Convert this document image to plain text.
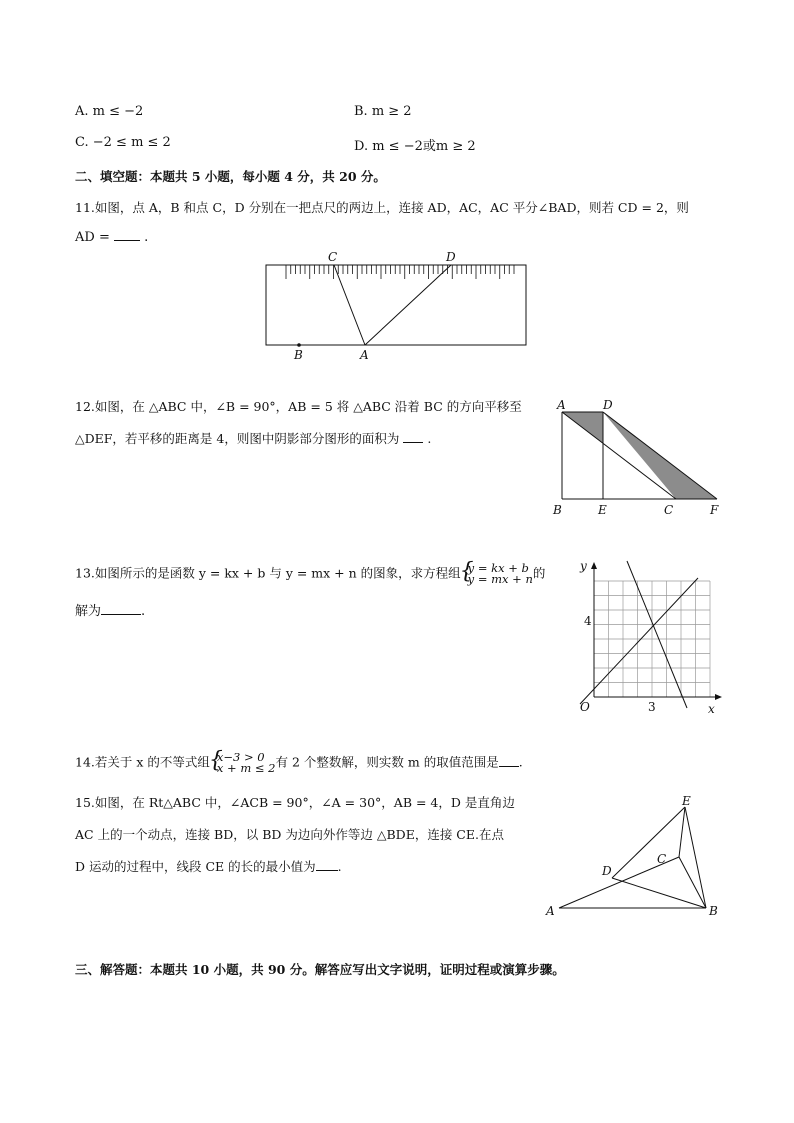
A. m ≤ −2	B. m ≥ 2
C. −2 ≤ m ≤ 2	D. m ≤ −2或m ≥ 2
二、填空题：本题共 5 小题，每小题 4 分，共 20 分。
11.如图，点 A，B 和点 C，D 分别在一把点尺的两边上，连接 AD，AC，AC 平分∠BAD，则若 CD = 2，则
AD =	.
C	D
B	A
12.如图，在 △ABC 中，∠B = 90°，AB = 5 将 △ABC 沿着 BC 的方向平移至
△DEF，若平移的距离是 4，则图中阴影部分图形的面积为 .
A	D
B	E	C	F
13.如图所示的是函数 y = kx + b 与 y = mx + n 的图象，求方程组 { y = kx + b
y = mx + n 的
解为	.
y
x
O	3
4
14.若关于 x 的不等式组 { x−3 > 0
x + m ≤ 2 有 2 个整数解，则实数 m 的取值范围是 .
15.如图，在 Rt△ABC 中，∠ACB = 90°，∠A = 30°，AB = 4，D 是直角边
AC 上的一个动点，连接 BD，以 BD 为边向外作等边 △BDE，连接 CE.在点
D 运动的过程中，线段 CE 的长的最小值为 .
E
D
C
A	B
三、解答题：本题共 10 小题，共 90 分。解答应写出文字说明，证明过程或演算步骤。
